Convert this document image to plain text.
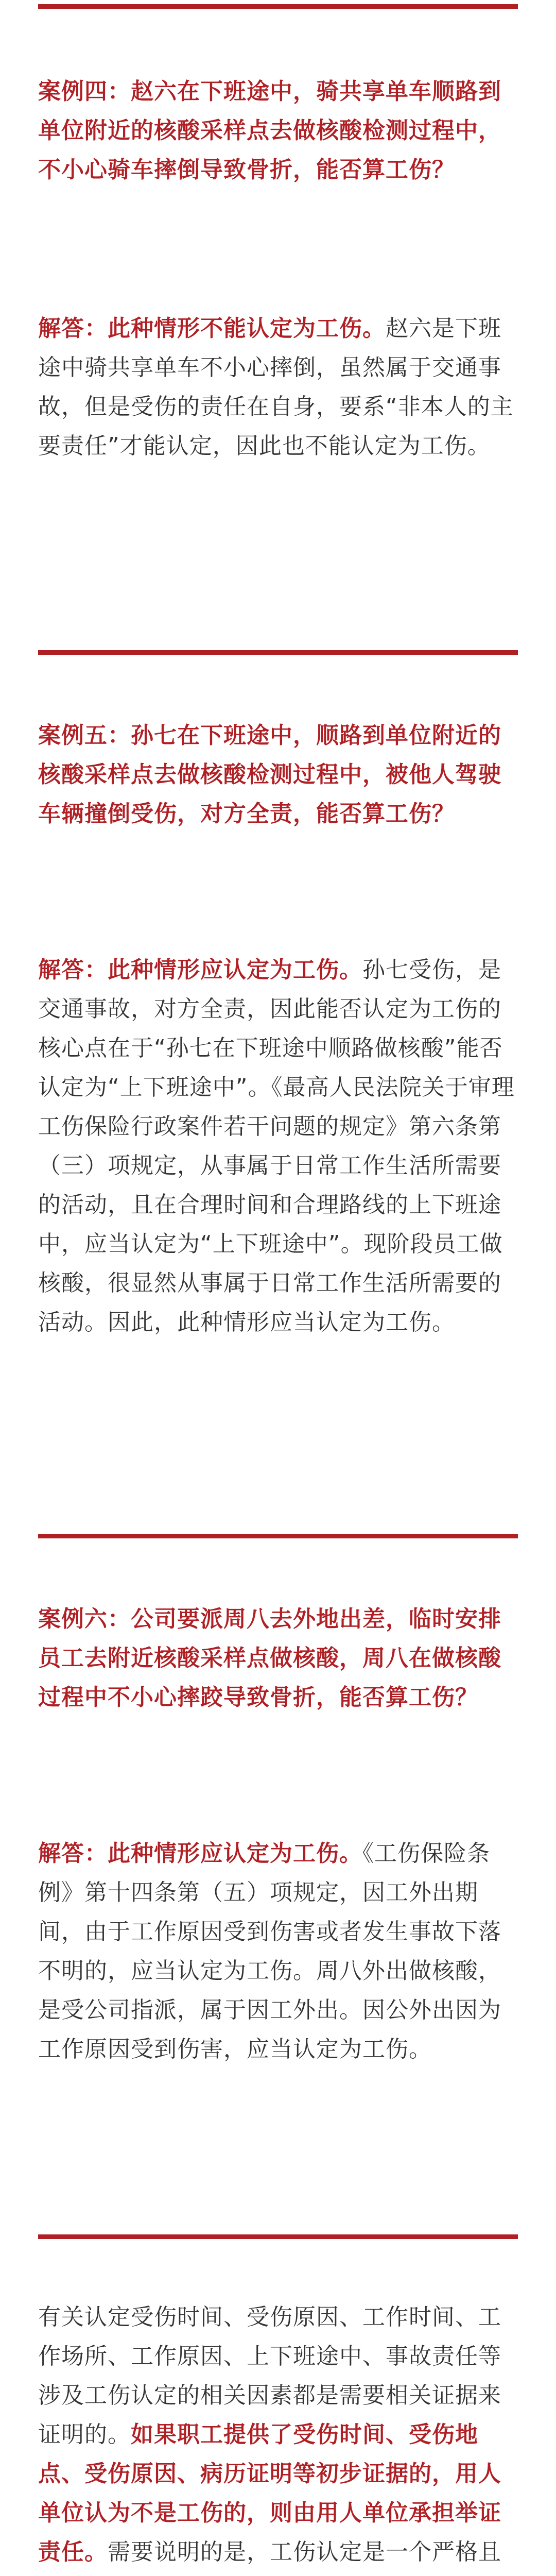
案例四：赵六在下班途中，骑共享单车顺路到单位附近的核酸采样点去做核酸检测过程中，不小心骑车摔倒导致骨折，能否算工伤？

解答：此种情形不能认定为工伤。赵六是下班途中骑共享单车不小心摔倒，虽然属于交通事故，但是受伤的责任在自身，要系“非本人的主要责任”才能认定，因此也不能认定为工伤。

案例五：孙七在下班途中，顺路到单位附近的核酸采样点去做核酸检测过程中，被他人驾驶车辆撞倒受伤，对方全责，能否算工伤？

解答：此种情形应认定为工伤。孙七受伤，是交通事故，对方全责，因此能否认定为工伤的核心点在于“孙七在下班途中顺路做核酸”能否认定为“上下班途中”。《最高人民法院关于审理工伤保险行政案件若干问题的规定》第六条第（三）项规定，从事属于日常工作生活所需要的活动，且在合理时间和合理路线的上下班途中，应当认定为“上下班途中”。现阶段员工做核酸，很显然从事属于日常工作生活所需要的活动。因此，此种情形应当认定为工伤。

案例六：公司要派周八去外地出差，临时安排员工去附近核酸采样点做核酸，周八在做核酸过程中不小心摔跤导致骨折，能否算工伤？

解答：此种情形应认定为工伤。《工伤保险条例》第十四条第（五）项规定，因工外出期间，由于工作原因受到伤害或者发生事故下落不明的，应当认定为工伤。周八外出做核酸，是受公司指派，属于因工外出。因公外出因为工作原因受到伤害，应当认定为工伤。

有关认定受伤时间、受伤原因、工作时间、工作场所、工作原因、上下班途中、事故责任等涉及工伤认定的相关因素都是需要相关证据来证明的。如果职工提供了受伤时间、受伤地点、受伤原因、病历证明等初步证据的，用人单位认为不是工伤的，则由用人单位承担举证责任。需要说明的是，工伤认定是一个严格且
